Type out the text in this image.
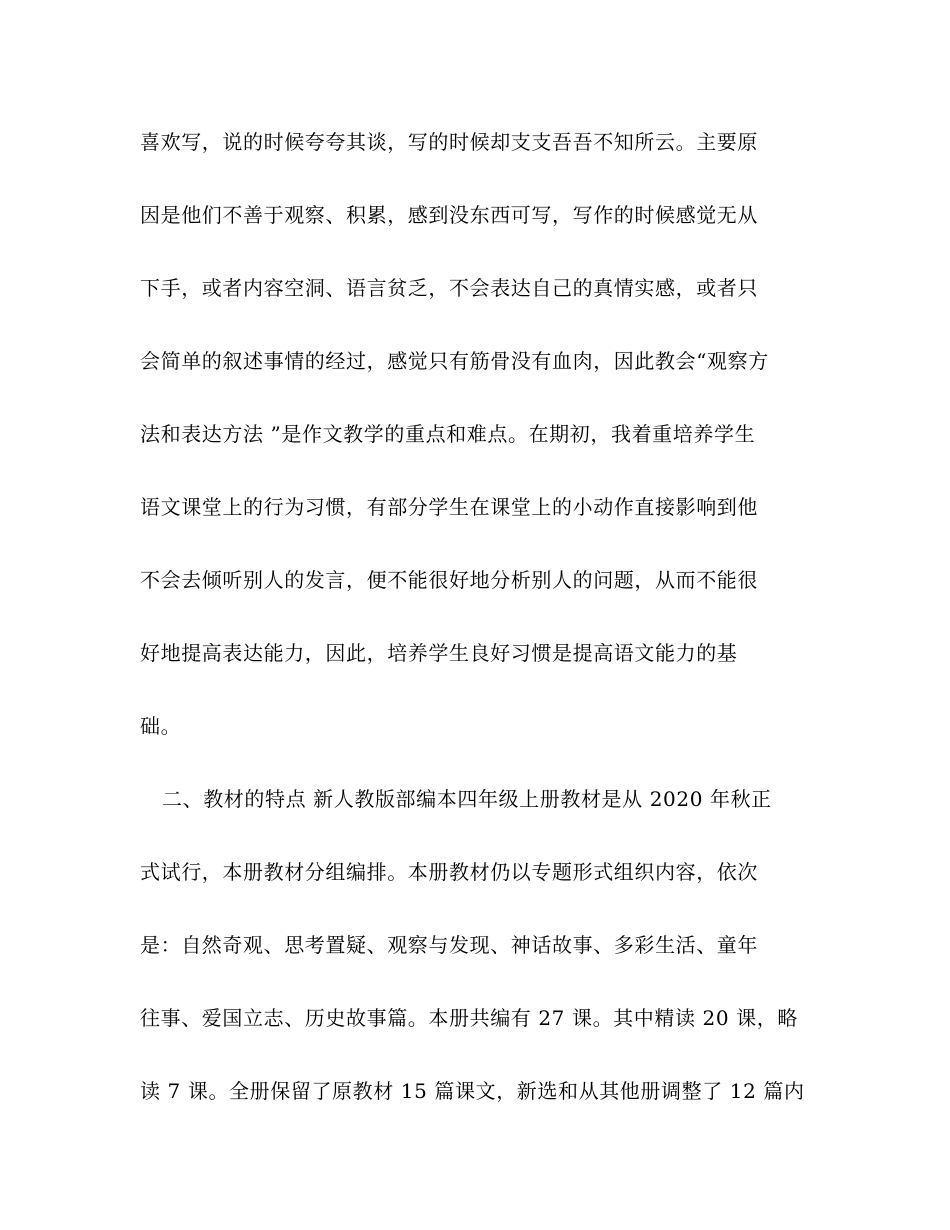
喜欢写，说的时候夸夸其谈，写的时候却支支吾吾不知所云。主要原
因是他们不善于观察、积累，感到没东西可写，写作的时候感觉无从
下手，或者内容空洞、语言贫乏，不会表达自己的真情实感，或者只
会简单的叙述事情的经过，感觉只有筋骨没有血肉，因此教会“观察方
法和表达方法 ”是作文教学的重点和难点。在期初，我着重培养学生
语文课堂上的行为习惯，有部分学生在课堂上的小动作直接影响到他
不会去倾听别人的发言，便不能很好地分析别人的问题，从而不能很
好地提高表达能力，因此，培养学生良好习惯是提高语文能力的基
础。
二、教材的特点 新人教版部编本四年级上册教材是从 2020 年秋正
式试行，本册教材分组编排。本册教材仍以专题形式组织内容，依次
是：自然奇观、思考置疑、观察与发现、神话故事、多彩生活、童年
往事、爱国立志、历史故事篇。本册共编有 27 课。其中精读 20 课，略
读 7 课。全册保留了原教材 15 篇课文，新选和从其他册调整了 12 篇内
